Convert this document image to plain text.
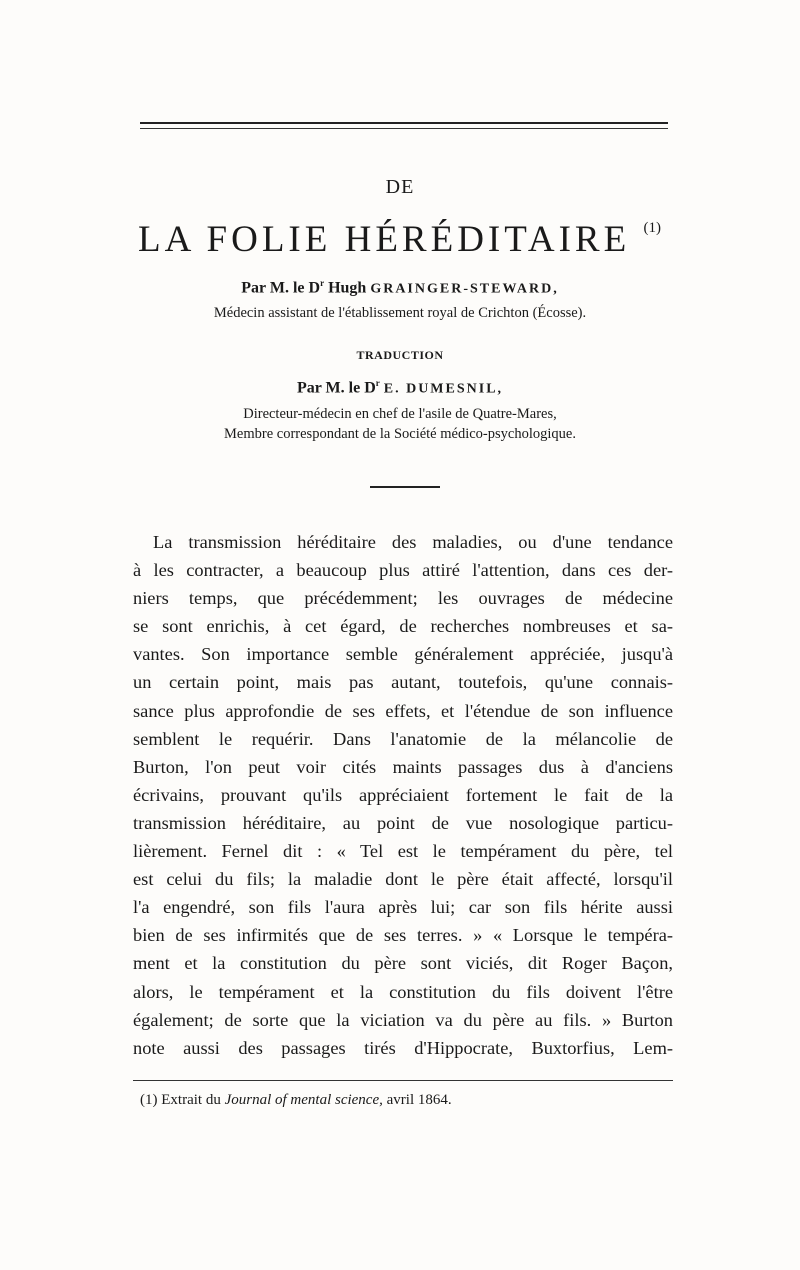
DE
LA FOLIE HÉRÉDITAIRE $^{(1)}$
Par M. le $D^r$ Hugh GRAINGER-STEWARD,
Médecin assistant de l'établissement royal de Crichton (Écosse).
TRADUCTION
Par M. le $D^r$ E. DUMESNIL,
Directeur-médecin en chef de l'asile de Quatre-Mares,
Membre correspondant de la Société médico-psychologique.
La transmission héréditaire des maladies, ou d'une tendance
à les contracter, a beaucoup plus attiré l'attention, dans ces der-
niers temps, que précédemment; les ouvrages de médecine
se sont enrichis, à cet égard, de recherches nombreuses et sa-
vantes. Son importance semble généralement appréciée, jusqu'à
un certain point, mais pas autant, toutefois, qu'une connais-
sance plus approfondie de ses effets, et l'étendue de son influence
semblent le requérir. Dans l'anatomie de la mélancolie de
Burton, l'on peut voir cités maints passages dus à d'anciens
écrivains, prouvant qu'ils appréciaient fortement le fait de la
transmission héréditaire, au point de vue nosologique particu-
lièrement. Fernel dit : « Tel est le tempérament du père, tel
est celui du fils; la maladie dont le père était affecté, lorsqu'il
l'a engendré, son fils l'aura après lui; car son fils hérite aussi
bien de ses infirmités que de ses terres. » « Lorsque le tempéra-
ment et la constitution du père sont viciés, dit Roger Baçon,
alors, le tempérament et la constitution du fils doivent l'être
également; de sorte que la viciation va du père au fils. » Burton
note aussi des passages tirés d'Hippocrate, Buxtorfius, Lem-
(1) Extrait du Journal of mental science, avril 1864.
